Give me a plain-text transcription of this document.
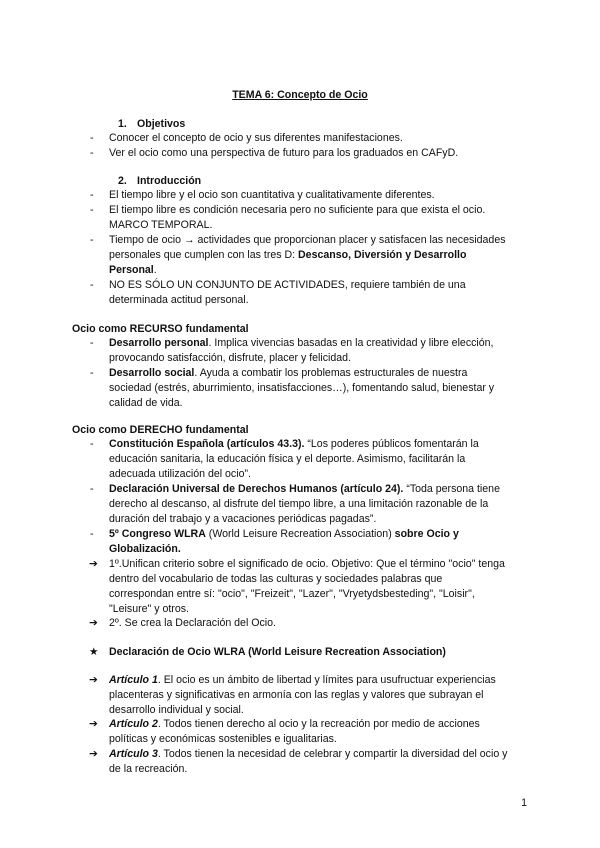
TEMA 6: Concepto de Ocio
1. Objetivos
- Conocer el concepto de ocio y sus diferentes manifestaciones.
- Ver el ocio como una perspectiva de futuro para los graduados en CAFyD.
2. Introducción
- El tiempo libre y el ocio son cuantitativa y cualitativamente diferentes.
- El tiempo libre es condición necesaria pero no suficiente para que exista el ocio.
MARCO TEMPORAL.
- Tiempo de ocio → actividades que proporcionan placer y satisfacen las necesidades
personales que cumplen con las tres D: Descanso, Diversión y Desarrollo
Personal.
- NO ES SÓLO UN CONJUNTO DE ACTIVIDADES, requiere también de una
determinada actitud personal.
Ocio como RECURSO fundamental
- Desarrollo personal. Implica vivencias basadas en la creatividad y libre elección,
provocando satisfacción, disfrute, placer y felicidad.
- Desarrollo social. Ayuda a combatir los problemas estructurales de nuestra
sociedad (estrés, aburrimiento, insatisfacciones…), fomentando salud, bienestar y
calidad de vida.
Ocio como DERECHO fundamental
- Constitución Española (artículos 43.3). “Los poderes públicos fomentarán la
educación sanitaria, la educación física y el deporte. Asimismo, facilitarán la
adecuada utilización del ocio”.
- Declaración Universal de Derechos Humanos (artículo 24). “Toda persona tiene
derecho al descanso, al disfrute del tiempo libre, a una limitación razonable de la
duración del trabajo y a vacaciones periódicas pagadas”.
- 5º Congreso WLRA (World Leisure Recreation Association) sobre Ocio y
Globalización.
➔ 1º.Unifican criterio sobre el significado de ocio. Objetivo: Que el término "ocio" tenga
dentro del vocabulario de todas las culturas y sociedades palabras que
correspondan entre sí: "ocio", "Freizeit", "Lazer", "Vryetydsbesteding", "Loisir",
"Leisure" y otros.
➔ 2º. Se crea la Declaración del Ocio.
★ Declaración de Ocio WLRA (World Leisure Recreation Association)
➔ Artículo 1. El ocio es un ámbito de libertad y límites para usufructuar experiencias
placenteras y significativas en armonía con las reglas y valores que subrayan el
desarrollo individual y social.
➔ Artículo 2. Todos tienen derecho al ocio y la recreación por medio de acciones
políticas y económicas sostenibles e igualitarias.
➔ Artículo 3. Todos tienen la necesidad de celebrar y compartir la diversidad del ocio y
de la recreación.
1
